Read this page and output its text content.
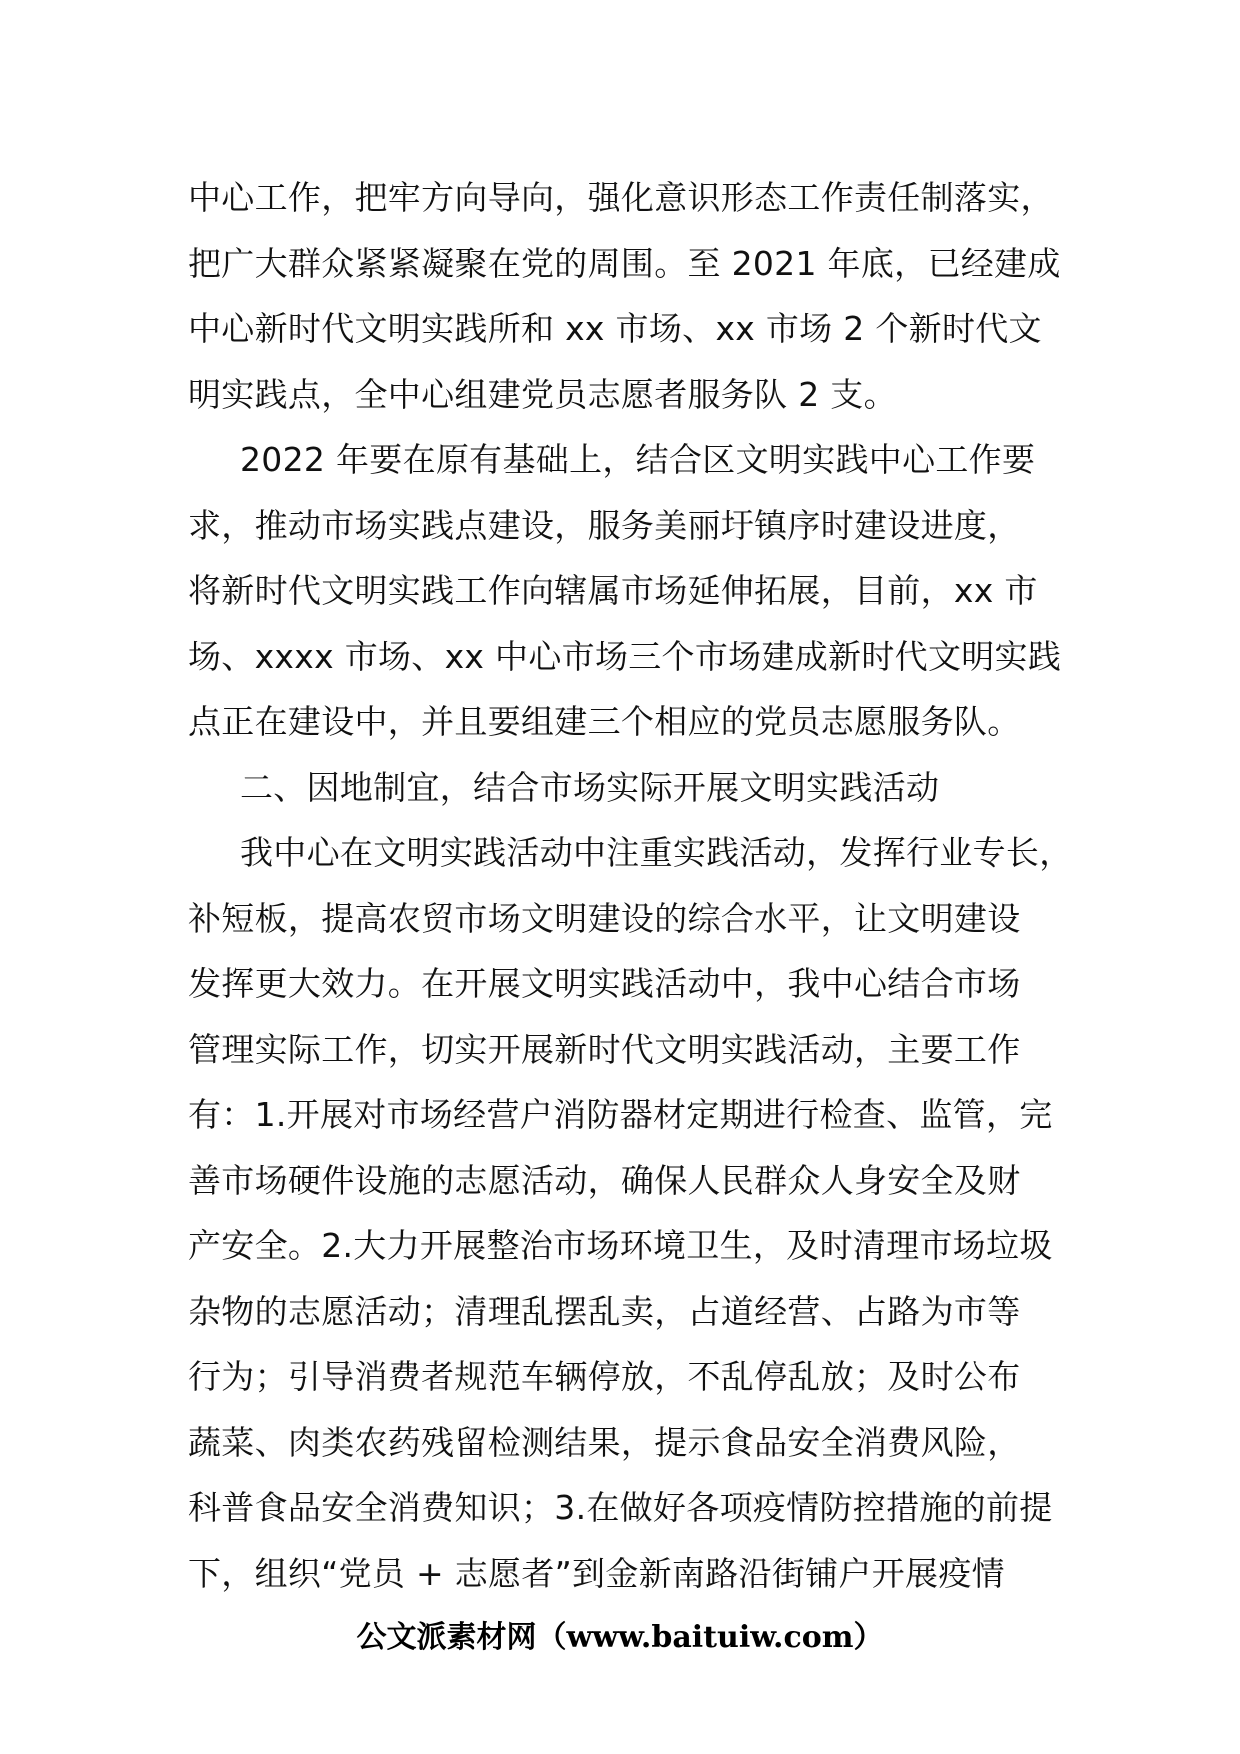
中心工作，把牢方向导向，强化意识形态工作责任制落实，
把广大群众紧紧凝聚在党的周围。至 2021 年底，已经建成
中心新时代文明实践所和 xx 市场、xx 市场 2 个新时代文
明实践点，全中心组建党员志愿者服务队 2 支。
2022 年要在原有基础上，结合区文明实践中心工作要
求，推动市场实践点建设，服务美丽圩镇序时建设进度，
将新时代文明实践工作向辖属市场延伸拓展，目前，xx 市
场、xxxx 市场、xx 中心市场三个市场建成新时代文明实践
点正在建设中，并且要组建三个相应的党员志愿服务队。
二、因地制宜，结合市场实际开展文明实践活动
我中心在文明实践活动中注重实践活动，发挥行业专长，
补短板，提高农贸市场文明建设的综合水平，让文明建设
发挥更大效力。在开展文明实践活动中，我中心结合市场
管理实际工作，切实开展新时代文明实践活动，主要工作
有：1.开展对市场经营户消防器材定期进行检查、监管，完
善市场硬件设施的志愿活动，确保人民群众人身安全及财
产安全。2.大力开展整治市场环境卫生，及时清理市场垃圾
杂物的志愿活动；清理乱摆乱卖，占道经营、占路为市等
行为；引导消费者规范车辆停放，不乱停乱放；及时公布
蔬菜、肉类农药残留检测结果，提示食品安全消费风险，
科普食品安全消费知识；3.在做好各项疫情防控措施的前提
下，组织“党员 + 志愿者”到金新南路沿街铺户开展疫情
公文派素材网（www.baituiw.com）
